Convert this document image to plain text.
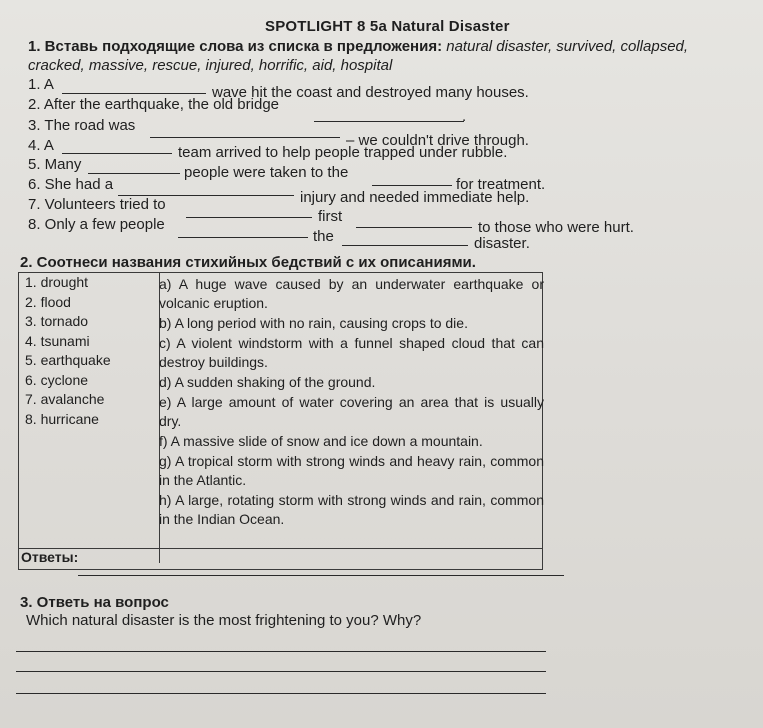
SPOTLIGHT 8 5a Natural Disaster
1. Вставь подходящие слова из списка в предложения: natural disaster, survived, collapsed,
cracked, massive, rescue, injured, horrific, aid, hospital
1. A	wave hit the coast and destroyed many houses.
2. After the earthquake, the old bridge
.
3. The road was
– we couldn't drive through.
4. A	team arrived to help people trapped under rubble.
5. Many	people were taken to the
for treatment.
6. She had a
injury and needed immediate help.
7. Volunteers tried to
first
to those who were hurt.
8. Only a few people
the	disaster.
2. Соотнеси названия стихийных бедствий с их описаниями.
1. drought
2. flood
3. tornado
4. tsunami
5. earthquake
6. cyclone
7. avalanche
8. hurricane
a) A huge wave caused by an underwater earthquake or volcanic eruption.
b) A long period with no rain, causing crops to die.
c) A violent windstorm with a funnel shaped cloud that can destroy buildings.
d) A sudden shaking of the ground.
e) A large amount of water covering an area that is usually dry.
f) A massive slide of snow and ice down a mountain.
g) A tropical storm with strong winds and heavy rain, common in the Atlantic.
h) A large, rotating storm with strong winds and rain, common in the Indian Ocean.
Ответы:
3. Ответь на вопрос
Which natural disaster is the most frightening to you? Why?
